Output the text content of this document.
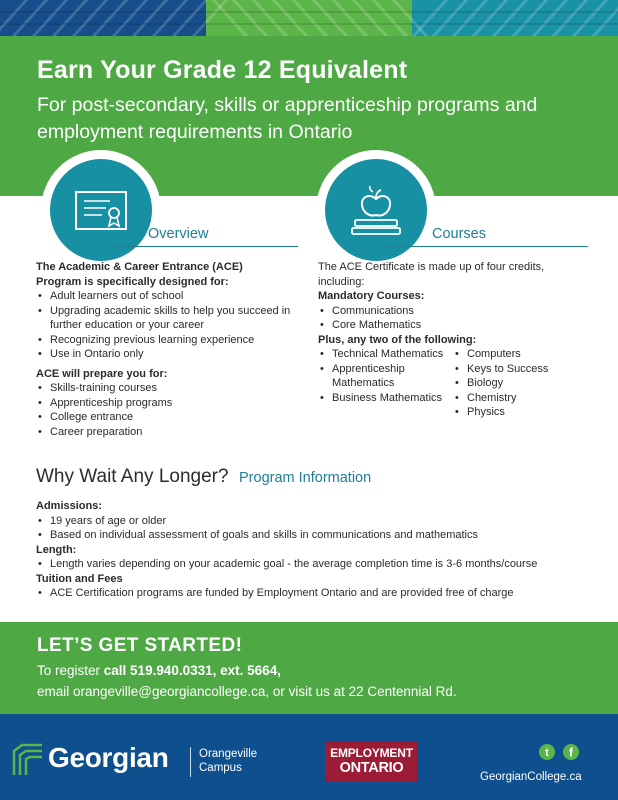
Earn Your Grade 12 Equivalent
For post-secondary, skills or apprenticeship programs and employment requirements in Ontario
Overview	Courses
The Academic & Career Entrance (ACE)
Program is specifically designed for:
• Adult learners out of school
• Upgrading academic skills to help you succeed in further education or your career
• Recognizing previous learning experience
• Use in Ontario only
ACE will prepare you for:
• Skills-training courses
• Apprenticeship programs
• College entrance
• Career preparation
The ACE Certificate is made up of four credits, including:
Mandatory Courses:
• Communications
• Core Mathematics
Plus, any two of the following:
• Technical Mathematics
• Apprenticeship Mathematics
• Business Mathematics
• Computers
• Keys to Success
• Biology
• Chemistry
• Physics
Why Wait Any Longer? Program Information
Admissions:
• 19 years of age or older
• Based on individual assessment of goals and skills in communications and mathematics
Length:
• Length varies depending on your academic goal - the average completion time is 3-6 months/course
Tuition and Fees
• ACE Certification programs are funded by Employment Ontario and are provided free of charge
LET’S GET STARTED!
To register call 519.940.0331, ext. 5664,
email orangeville@georgiancollege.ca, or visit us at 22 Centennial Rd.
Georgian	Orangeville
Campus
EMPLOYMENT
ONTARIO
t f
GeorgianCollege.ca
